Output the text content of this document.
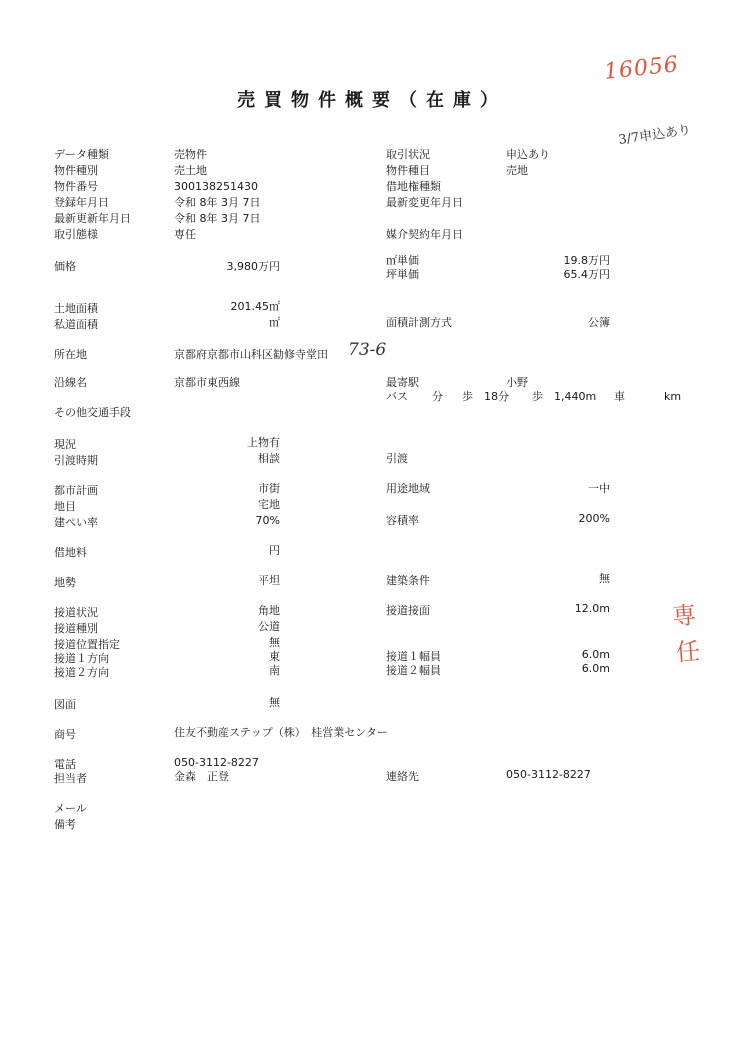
16056
売買物件概要（在庫）
3/7申込あり
データ種類	売物件	取引状況	申込あり
物件種別	売土地	物件種目	売地
物件番号	300138251430	借地権種類
登録年月日	令和 8年 3月 7日	最新変更年月日
最新更新年月日	令和 8年 3月 7日
取引態様	専任	媒介契約年月日
価格	3,980万円	㎡単価	19.8万円
坪単価	65.4万円
土地面積	201.45㎡
私道面積	㎡	面積計測方式	公簿
所在地	京都府京都市山科区勧修寺堂田 73-6
沿線名	京都市東西線	最寄駅	小野
バス 分 歩 18分 歩 1,440m 車	km
その他交通手段
現況	上物有
引渡時期	相談	引渡
都市計画	市街	用途地域	一中
地目	宅地
建ぺい率	70%	容積率	200%
借地料	円
地勢	平坦	建築条件	無
接道状況	角地	接道接面	12.0m
接道種別	公道
接道位置指定	無
接道１方向	東	接道１幅員	6.0m
接道２方向	南	接道２幅員	6.0m
専
任
図面	無
商号	住友不動産ステップ（株）　桂営業センター
電話	050-3112-8227
担当者	金森　正登	連絡先	050-3112-8227
メール
備考
